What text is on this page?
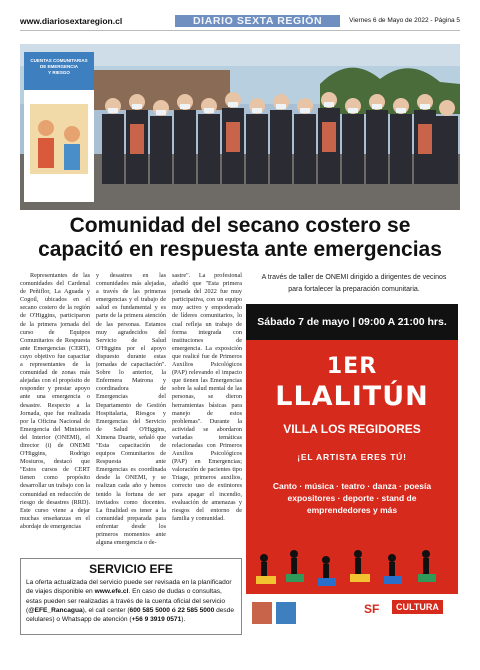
www.diariosextaregion.cl	DIARIO SEXTA REGIÓN	Viernes 6 de Mayo de 2022 - Página 5
CUENTAS COMUNITARIAS
DE EMERGENCIA
Y RIESGO
Comunidad del secano costero se
capacitó en respuesta ante emergencias

Representantes de las comunidades del Cardenal de Peñiflor, La Aguada y Cogoil, ubicados en el secano costero de la región de O'Higgins, participaron de la primera jornada del curso de Equipos Comunitarios de Respuesta ante Emergencias (CERT), cuyo objetivo fue capacitar a representantes de la comunidad de zonas más alejadas con el propósito de responder y prestar apoyo ante una emergencia o desastre. Respecto a la Jornada, que fue realizada por la Oficina Nacional de Emergencia del Ministerio del Interior (ONEMI), el director (i) de ONEMI O'Higgins, Rodrigo Mosiuros, destacó que "Estos cursos de CERT tienen como propósito desarrollar un trabajo con la comunidad en reducción de riesgo de desastres (RRD). Este curso viene a dejar muchas enseñanzas en el abordaje de emergencias

y desastres en las comunidades más alejadas, a través de las primeras emergencias y el trabajo de salud es fundamental y es parte de la primera atención de las personas. Estamos muy agradecidos del Servicio de Salud O'Higgins por el apoyo dispuesto durante estas jornadas de capacitación". Sobre lo anterior, la Enfermera Matrona y coordinadora de Emergencias del Departamento de Gestión Hospitalaria, Riesgos y Emergencias del Servicio de Salud O'Higgins, Ximena Duarte, señaló que "Esta capacitación de equipos Comunitarios de Respuesta ante Emergencias es coordinada desde la ONEMI, y se realizan cada año y hemos tenido la fortuna de ser invitados como docentes. La finalidad es tener a la comunidad preparada para enfrentar desde los primeros momentos ante alguna emergencia o de-

sastre". La profesional añadió que "Esta primera jornada del 2022 fue muy participativa, con un equipo muy activo y empoderado de líderes comunitarios, lo cual refleja un trabajo de forma integrada con instituciones de emergencia. La exposición que realicé fue de Primeros Auxilios Psicológicos (PAP) relevando el impacto que tienen las Emergencias sobre la salud mental de las personas, se dieron herramientas básicas para manejo de estos problemas". Durante la actividad se abordaron variadas temáticas relacionadas con Primeros Auxilios Psicológicos (PAP) en Emergencias; valoración de pacientes tipo Triage, primeros auxilios, correcto uso de extintores para apagar el incendio, evaluación de amenazas y riesgos del entorno de familia y comunidad.

A través de taller de ONEMI dirigido a dirigentes de vecinos
para fortalecer la preparación comunitaria.
Sábado 7 de mayo | 09:00 A 21:00 hrs.
1ER
LLALITÚN
VILLA LOS REGIDORES
¡EL ARTISTA ERES TÚ!
Canto · música · teatro · danza · poesía expositores · deporte · stand de emprendedores y más
SF	CULTURA
SERVICIO EFE
La oferta actualizada del servicio puede ser revisada en la planificador de viajes disponible en www.efe.cl. En caso de dudas o consultas, estas pueden ser realizadas a través de la cuenta oficial del servicio (@EFE_Rancagua), el call center (600 585 5000 ó 22 585 5000 desde celulares) o Whatsapp de atención (+56 9 3919 0571).
